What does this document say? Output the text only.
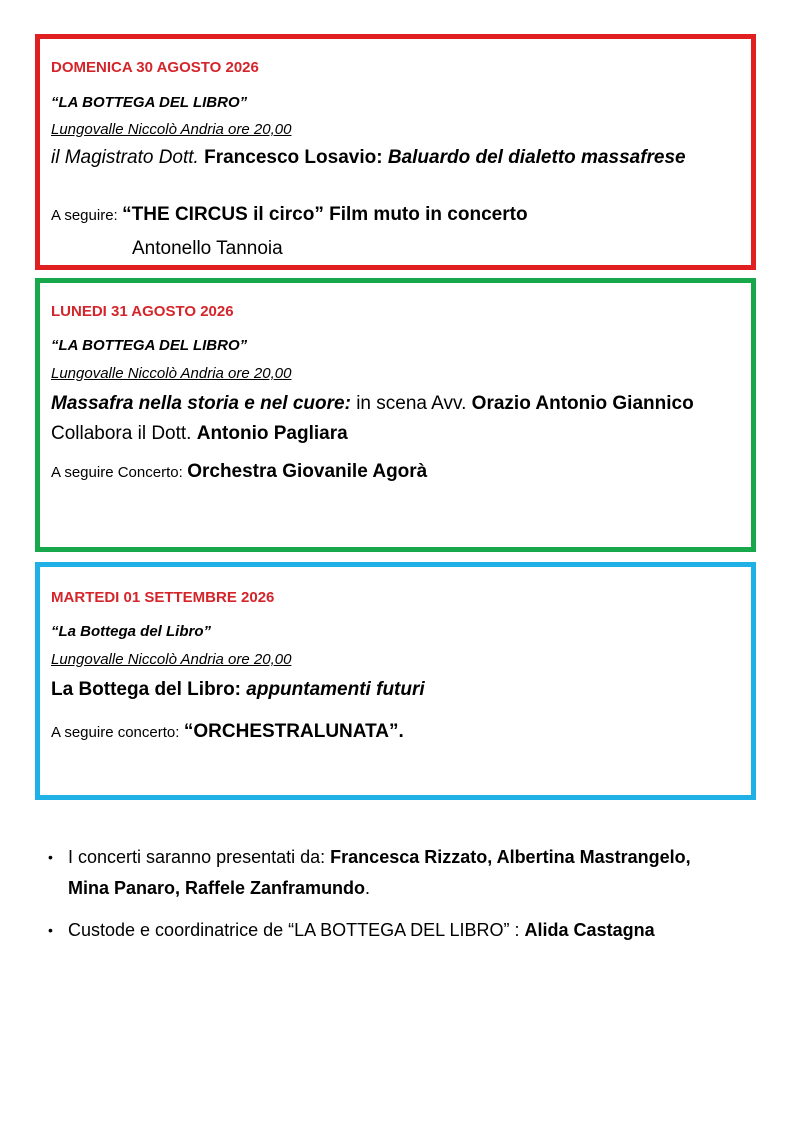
DOMENICA 30 AGOSTO 2026
“LA BOTTEGA DEL LIBRO”
Lungovalle Niccolò Andria ore 20,00
il Magistrato Dott. Francesco Losavio: Baluardo del dialetto massafrese
A seguire: “THE CIRCUS il circo” Film muto in concerto
Antonello Tannoia
LUNEDI 31 AGOSTO 2026
“LA BOTTEGA DEL LIBRO”
Lungovalle Niccolò Andria ore 20,00
Massafra nella storia e nel cuore: in scena Avv. Orazio Antonio Giannico
Collabora il Dott. Antonio Pagliara
A seguire Concerto: Orchestra Giovanile Agorà
MARTEDI 01 SETTEMBRE 2026
“La Bottega del Libro”
Lungovalle Niccolò Andria ore 20,00
La Bottega del Libro: appuntamenti futuri
A seguire concerto: “ORCHESTRALUNATA”.
• I concerti saranno presentati da: Francesca Rizzato, Albertina Mastrangelo,
Mina Panaro, Raffele Zanframundo.
• Custode e coordinatrice de “LA BOTTEGA DEL LIBRO” : Alida Castagna
